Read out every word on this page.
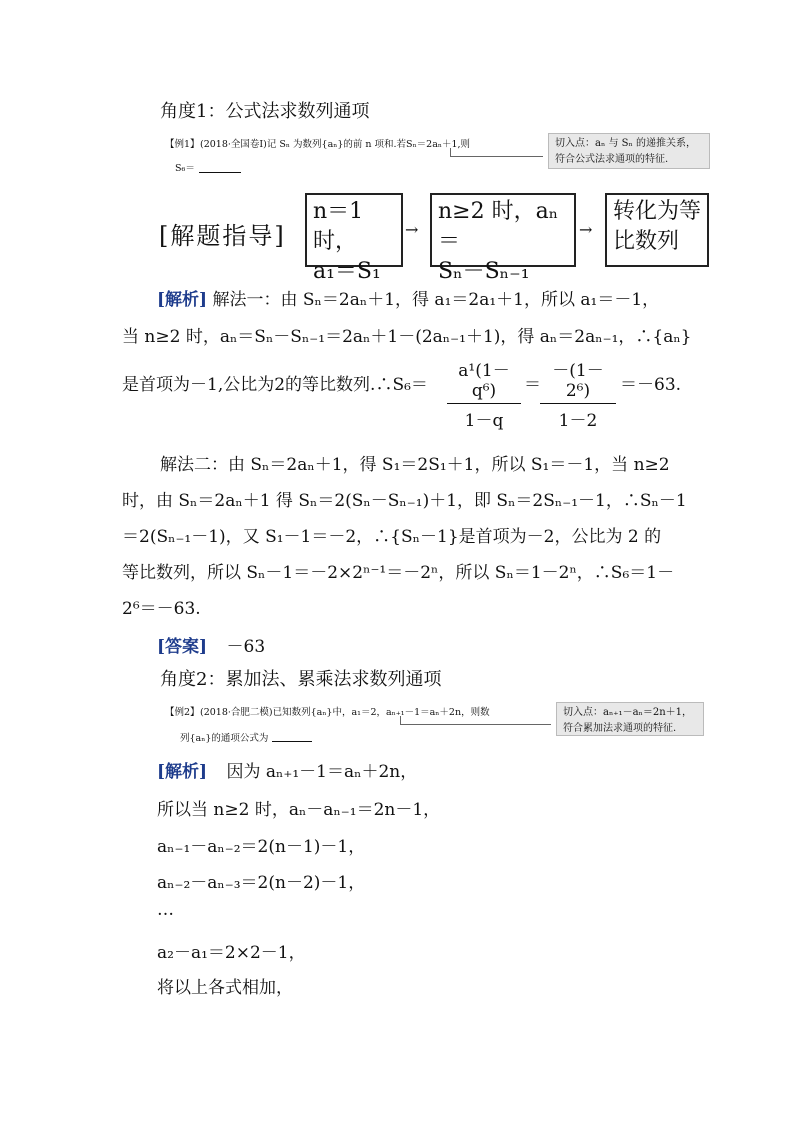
角度1：公式法求数列通项
【例1】 (2018·全国卷Ⅰ)记 Sₙ 为数列{aₙ}的前 n 项和.若Sₙ＝2aₙ＋1,则
S₆＝
切入点：aₙ 与 Sₙ 的递推关系，符合公式法求通项的特征.
[解题指导]
n＝1 时，
a₁＝S₁
→
n≥2 时，aₙ＝
Sₙ－Sₙ₋₁
→
转化为等
比数列
[解析] 解法一：由 Sₙ＝2aₙ＋1，得 a₁＝2a₁＋1，所以 a₁＝－1，
当 n≥2 时，aₙ＝Sₙ－Sₙ₋₁＝2aₙ＋1－(2aₙ₋₁＋1)，得 aₙ＝2aₙ₋₁，∴{aₙ}
是首项为－1,公比为2的等比数列.∴S₆＝ $\frac{\text{a¹(1－q⁶)}}{1-q} = \frac{\text{－(1－2⁶)}}{1-2} =-63$.
解法二：由 Sₙ＝2aₙ＋1，得 S₁＝2S₁＋1，所以 S₁＝－1，当 n≥2
时，由 Sₙ＝2aₙ＋1 得 Sₙ＝2(Sₙ－Sₙ₋₁)＋1，即 Sₙ＝2Sₙ₋₁－1，∴Sₙ－1
＝2(Sₙ₋₁－1)，又 S₁－1＝－2，∴{Sₙ－1}是首项为－2，公比为 2 的
等比数列，所以 Sₙ－1＝－2×2ⁿ⁻¹＝－2ⁿ，所以 Sₙ＝1－2ⁿ，∴S₆＝1－
2⁶＝－63.
[答案] －63
角度2：累加法、累乘法求数列通项
【例2】 (2018·合肥二模)已知数列{aₙ}中，a₁＝2，aₙ₊₁－1＝aₙ＋2n，则数
列{aₙ}的通项公式为
切入点：aₙ₊₁－aₙ＝2n＋1，符合累加法求通项的特征.
[解析] 因为 aₙ₊₁－1＝aₙ＋2n，
所以当 n≥2 时，aₙ－aₙ₋₁＝2n－1，
aₙ₋₁－aₙ₋₂＝2(n－1)－1，
aₙ₋₂－aₙ₋₃＝2(n－2)－1，
…
a₂－a₁＝2×2－1，
将以上各式相加，
